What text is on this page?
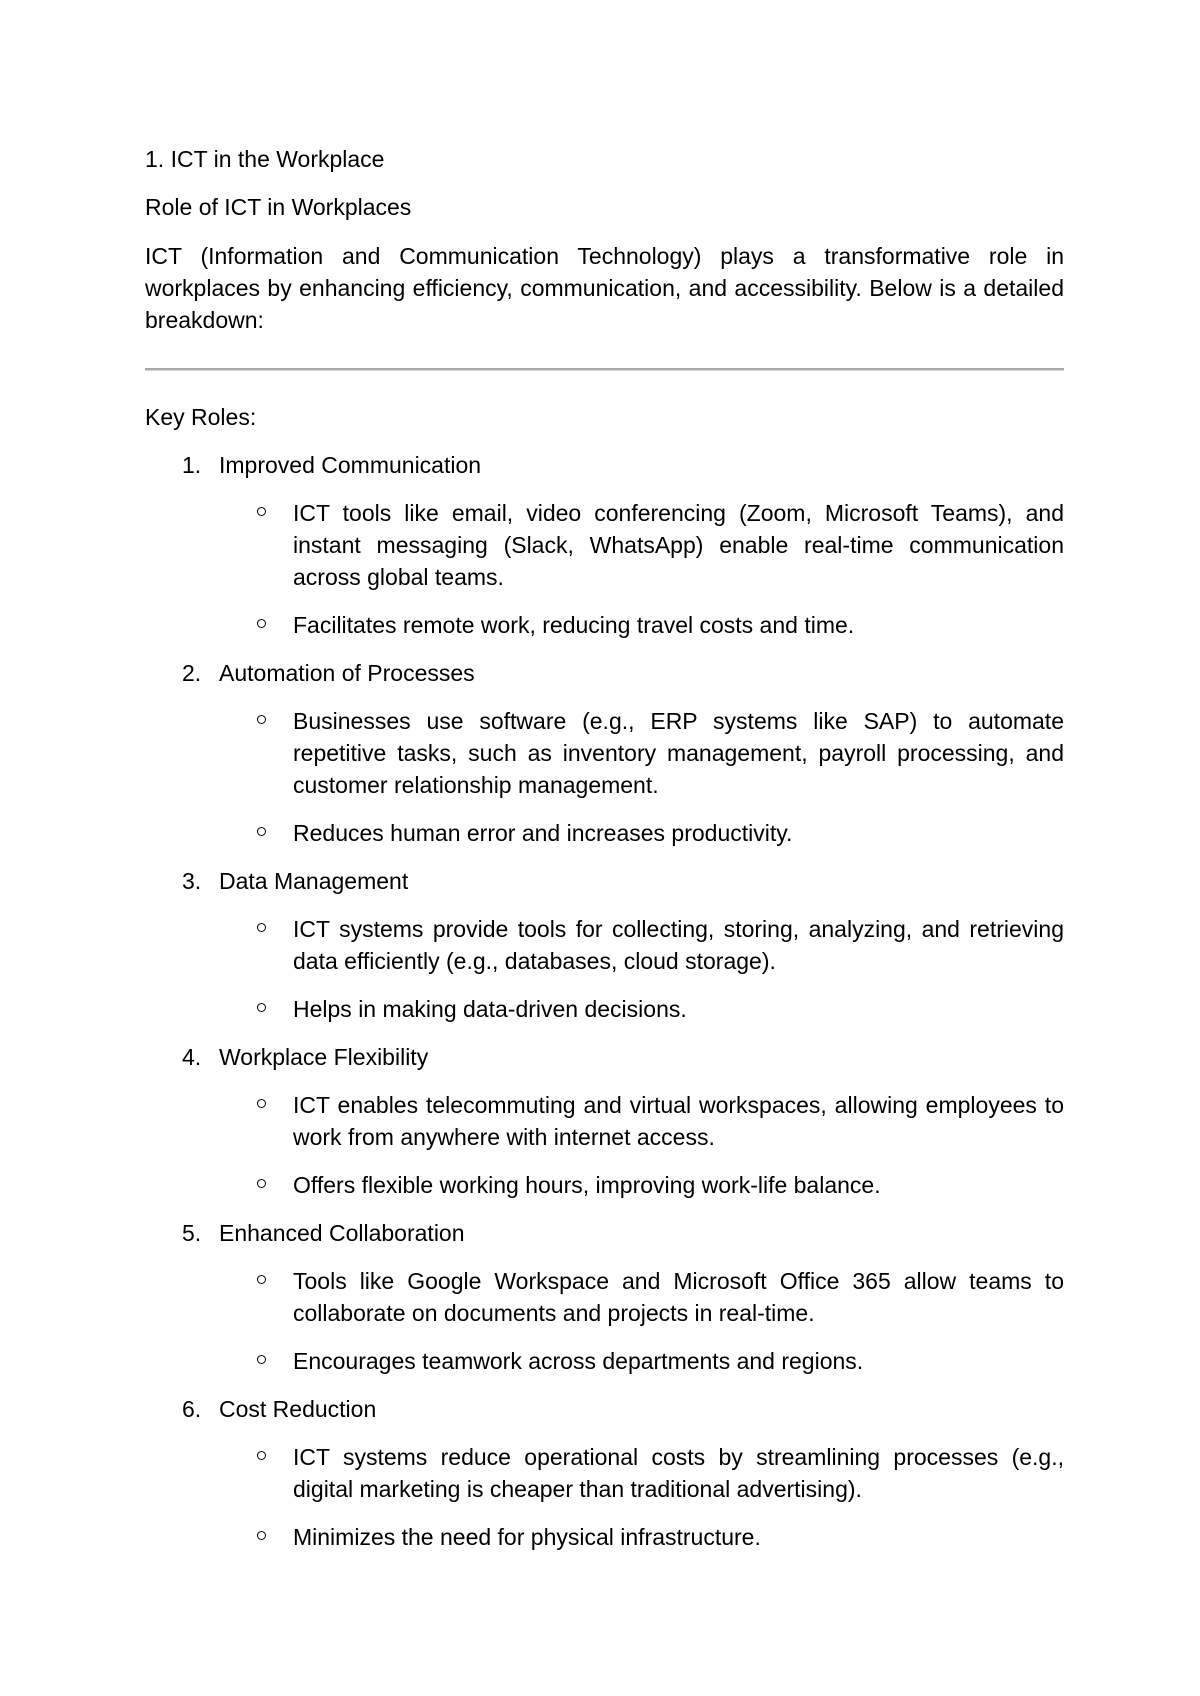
1. ICT in the Workplace
Role of ICT in Workplaces

ICT (Information and Communication Technology) plays a transformative role in workplaces by enhancing efficiency, communication, and accessibility. Below is a detailed breakdown:

Key Roles:
1. Improved Communication
ICT tools like email, video conferencing (Zoom, Microsoft Teams), and instant messaging (Slack, WhatsApp) enable real-time communication across global teams.
Facilitates remote work, reducing travel costs and time.
2. Automation of Processes
Businesses use software (e.g., ERP systems like SAP) to automate repetitive tasks, such as inventory management, payroll processing, and customer relationship management.
Reduces human error and increases productivity.
3. Data Management
ICT systems provide tools for collecting, storing, analyzing, and retrieving data efficiently (e.g., databases, cloud storage).
Helps in making data-driven decisions.
4. Workplace Flexibility
ICT enables telecommuting and virtual workspaces, allowing employees to work from anywhere with internet access.
Offers flexible working hours, improving work-life balance.
5. Enhanced Collaboration
Tools like Google Workspace and Microsoft Office 365 allow teams to collaborate on documents and projects in real-time.
Encourages teamwork across departments and regions.
6. Cost Reduction
ICT systems reduce operational costs by streamlining processes (e.g., digital marketing is cheaper than traditional advertising).
Minimizes the need for physical infrastructure.
